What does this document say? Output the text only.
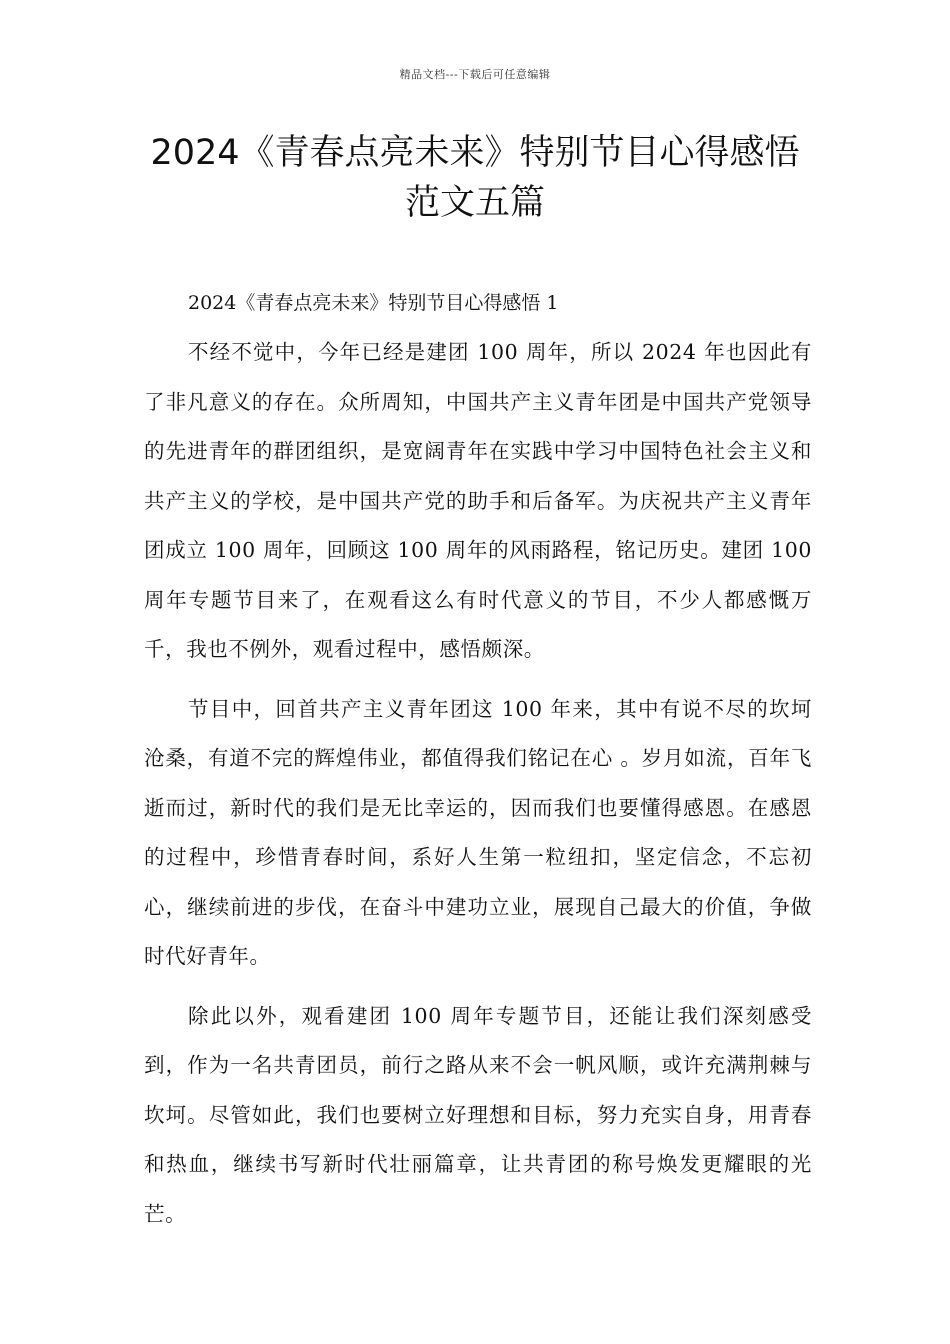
精品文档---下载后可任意编辑
2024《青春点亮未来》特别节目心得感悟范文五篇

2024《青春点亮未来》特别节目心得感悟 1

不经不觉中，今年已经是建团 100 周年，所以 2024 年也因此有了非凡意义的存在。众所周知，中国共产主义青年团是中国共产党领导的先进青年的群团组织，是宽阔青年在实践中学习中国特色社会主义和共产主义的学校，是中国共产党的助手和后备军。为庆祝共产主义青年团成立 100 周年，回顾这 100 周年的风雨路程，铭记历史。建团 100 周年专题节目来了，在观看这么有时代意义的节目，不少人都感慨万千，我也不例外，观看过程中，感悟颇深。

节目中，回首共产主义青年团这 100 年来，其中有说不尽的坎坷沧桑，有道不完的辉煌伟业，都值得我们铭记在心 。岁月如流，百年飞逝而过，新时代的我们是无比幸运的，因而我们也要懂得感恩。在感恩的过程中，珍惜青春时间，系好人生第一粒纽扣，坚定信念，不忘初心，继续前进的步伐，在奋斗中建功立业，展现自己最大的价值，争做时代好青年。

除此以外，观看建团 100 周年专题节目，还能让我们深刻感受到，作为一名共青团员，前行之路从来不会一帆风顺，或许充满荆棘与坎坷。尽管如此，我们也要树立好理想和目标，努力充实自身，用青春和热血，继续书写新时代壮丽篇章，让共青团的称号焕发更耀眼的光芒。
